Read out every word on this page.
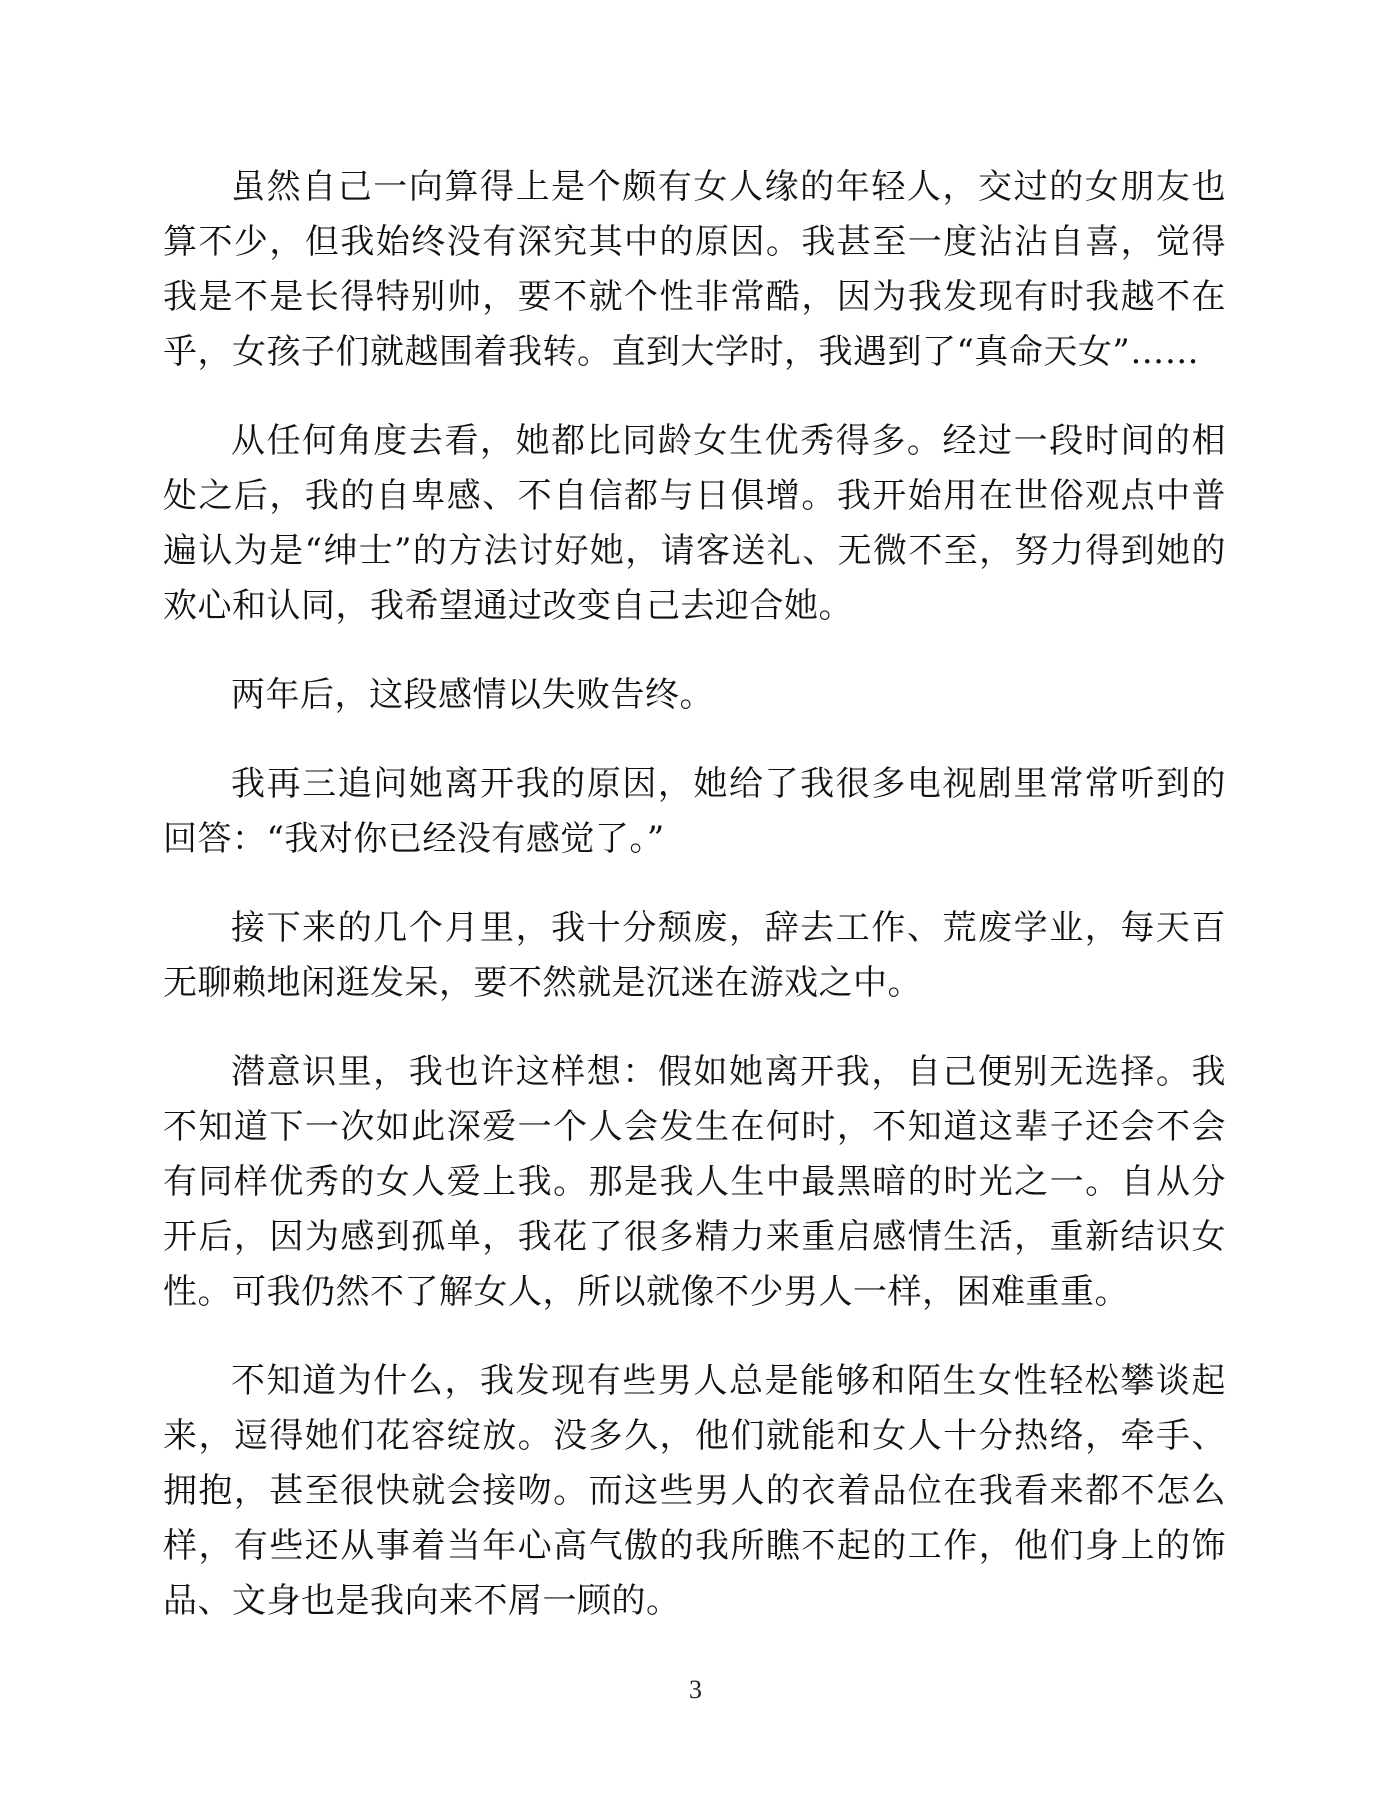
虽然自己一向算得上是个颇有女人缘的年轻人，交过的女朋友也算不少，但我始终没有深究其中的原因。我甚至一度沾沾自喜，觉得我是不是长得特别帅，要不就个性非常酷，因为我发现有时我越不在乎，女孩子们就越围着我转。直到大学时，我遇到了“真命天女”……

从任何角度去看，她都比同龄女生优秀得多。经过一段时间的相处之后，我的自卑感、不自信都与日俱增。我开始用在世俗观点中普遍认为是“绅士”的方法讨好她，请客送礼、无微不至，努力得到她的欢心和认同，我希望通过改变自己去迎合她。

两年后，这段感情以失败告终。

我再三追问她离开我的原因，她给了我很多电视剧里常常听到的回答：“我对你已经没有感觉了。”

接下来的几个月里，我十分颓废，辞去工作、荒废学业，每天百无聊赖地闲逛发呆，要不然就是沉迷在游戏之中。

潜意识里，我也许这样想：假如她离开我，自己便别无选择。我不知道下一次如此深爱一个人会发生在何时，不知道这辈子还会不会有同样优秀的女人爱上我。那是我人生中最黑暗的时光之一。自从分开后，因为感到孤单，我花了很多精力来重启感情生活，重新结识女性。可我仍然不了解女人，所以就像不少男人一样，困难重重。

不知道为什么，我发现有些男人总是能够和陌生女性轻松攀谈起来，逗得她们花容绽放。没多久，他们就能和女人十分热络，牵手、拥抱，甚至很快就会接吻。而这些男人的衣着品位在我看来都不怎么样，有些还从事着当年心高气傲的我所瞧不起的工作，他们身上的饰品、文身也是我向来不屑一顾的。

3
